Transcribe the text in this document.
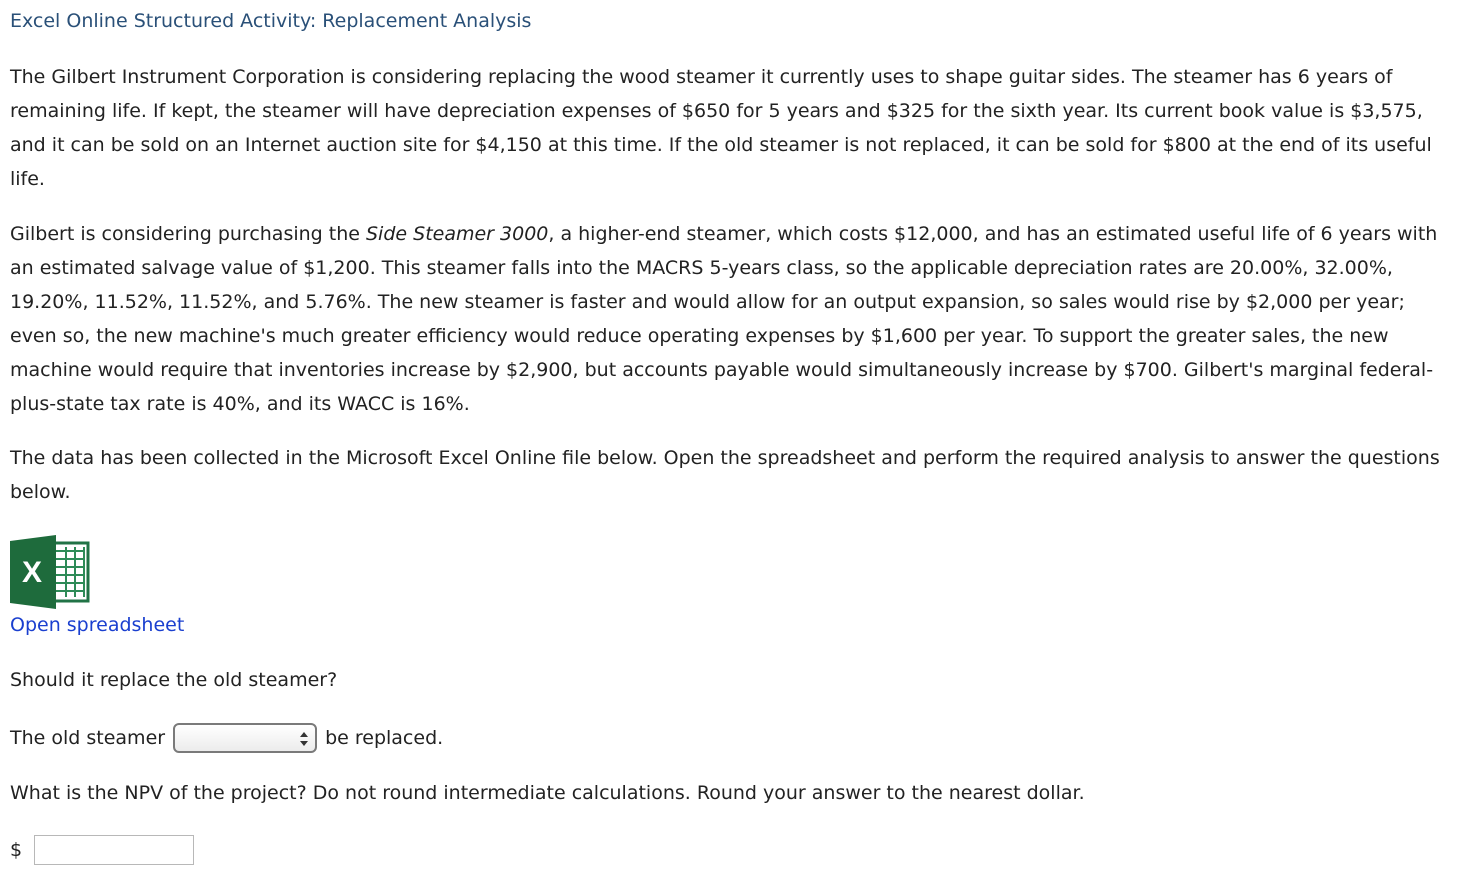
Excel Online Structured Activity: Replacement Analysis

The Gilbert Instrument Corporation is considering replacing the wood steamer it currently uses to shape guitar sides. The steamer has 6 years of remaining life. If kept, the steamer will have depreciation expenses of $650 for 5 years and $325 for the sixth year. Its current book value is $3,575, and it can be sold on an Internet auction site for $4,150 at this time. If the old steamer is not replaced, it can be sold for $800 at the end of its useful life.

Gilbert is considering purchasing the Side Steamer 3000, a higher-end steamer, which costs $12,000, and has an estimated useful life of 6 years with an estimated salvage value of $1,200. This steamer falls into the MACRS 5-years class, so the applicable depreciation rates are 20.00%, 32.00%, 19.20%, 11.52%, 11.52%, and 5.76%. The new steamer is faster and would allow for an output expansion, so sales would rise by $2,000 per year; even so, the new machine's much greater efficiency would reduce operating expenses by $1,600 per year. To support the greater sales, the new machine would require that inventories increase by $2,900, but accounts payable would simultaneously increase by $700. Gilbert's marginal federal-plus-state tax rate is 40%, and its WACC is 16%.

The data has been collected in the Microsoft Excel Online file below. Open the spreadsheet and perform the required analysis to answer the questions below.

X
Open spreadsheet
Should it replace the old steamer?
The old steamer	be replaced.
What is the NPV of the project? Do not round intermediate calculations. Round your answer to the nearest dollar.
$
